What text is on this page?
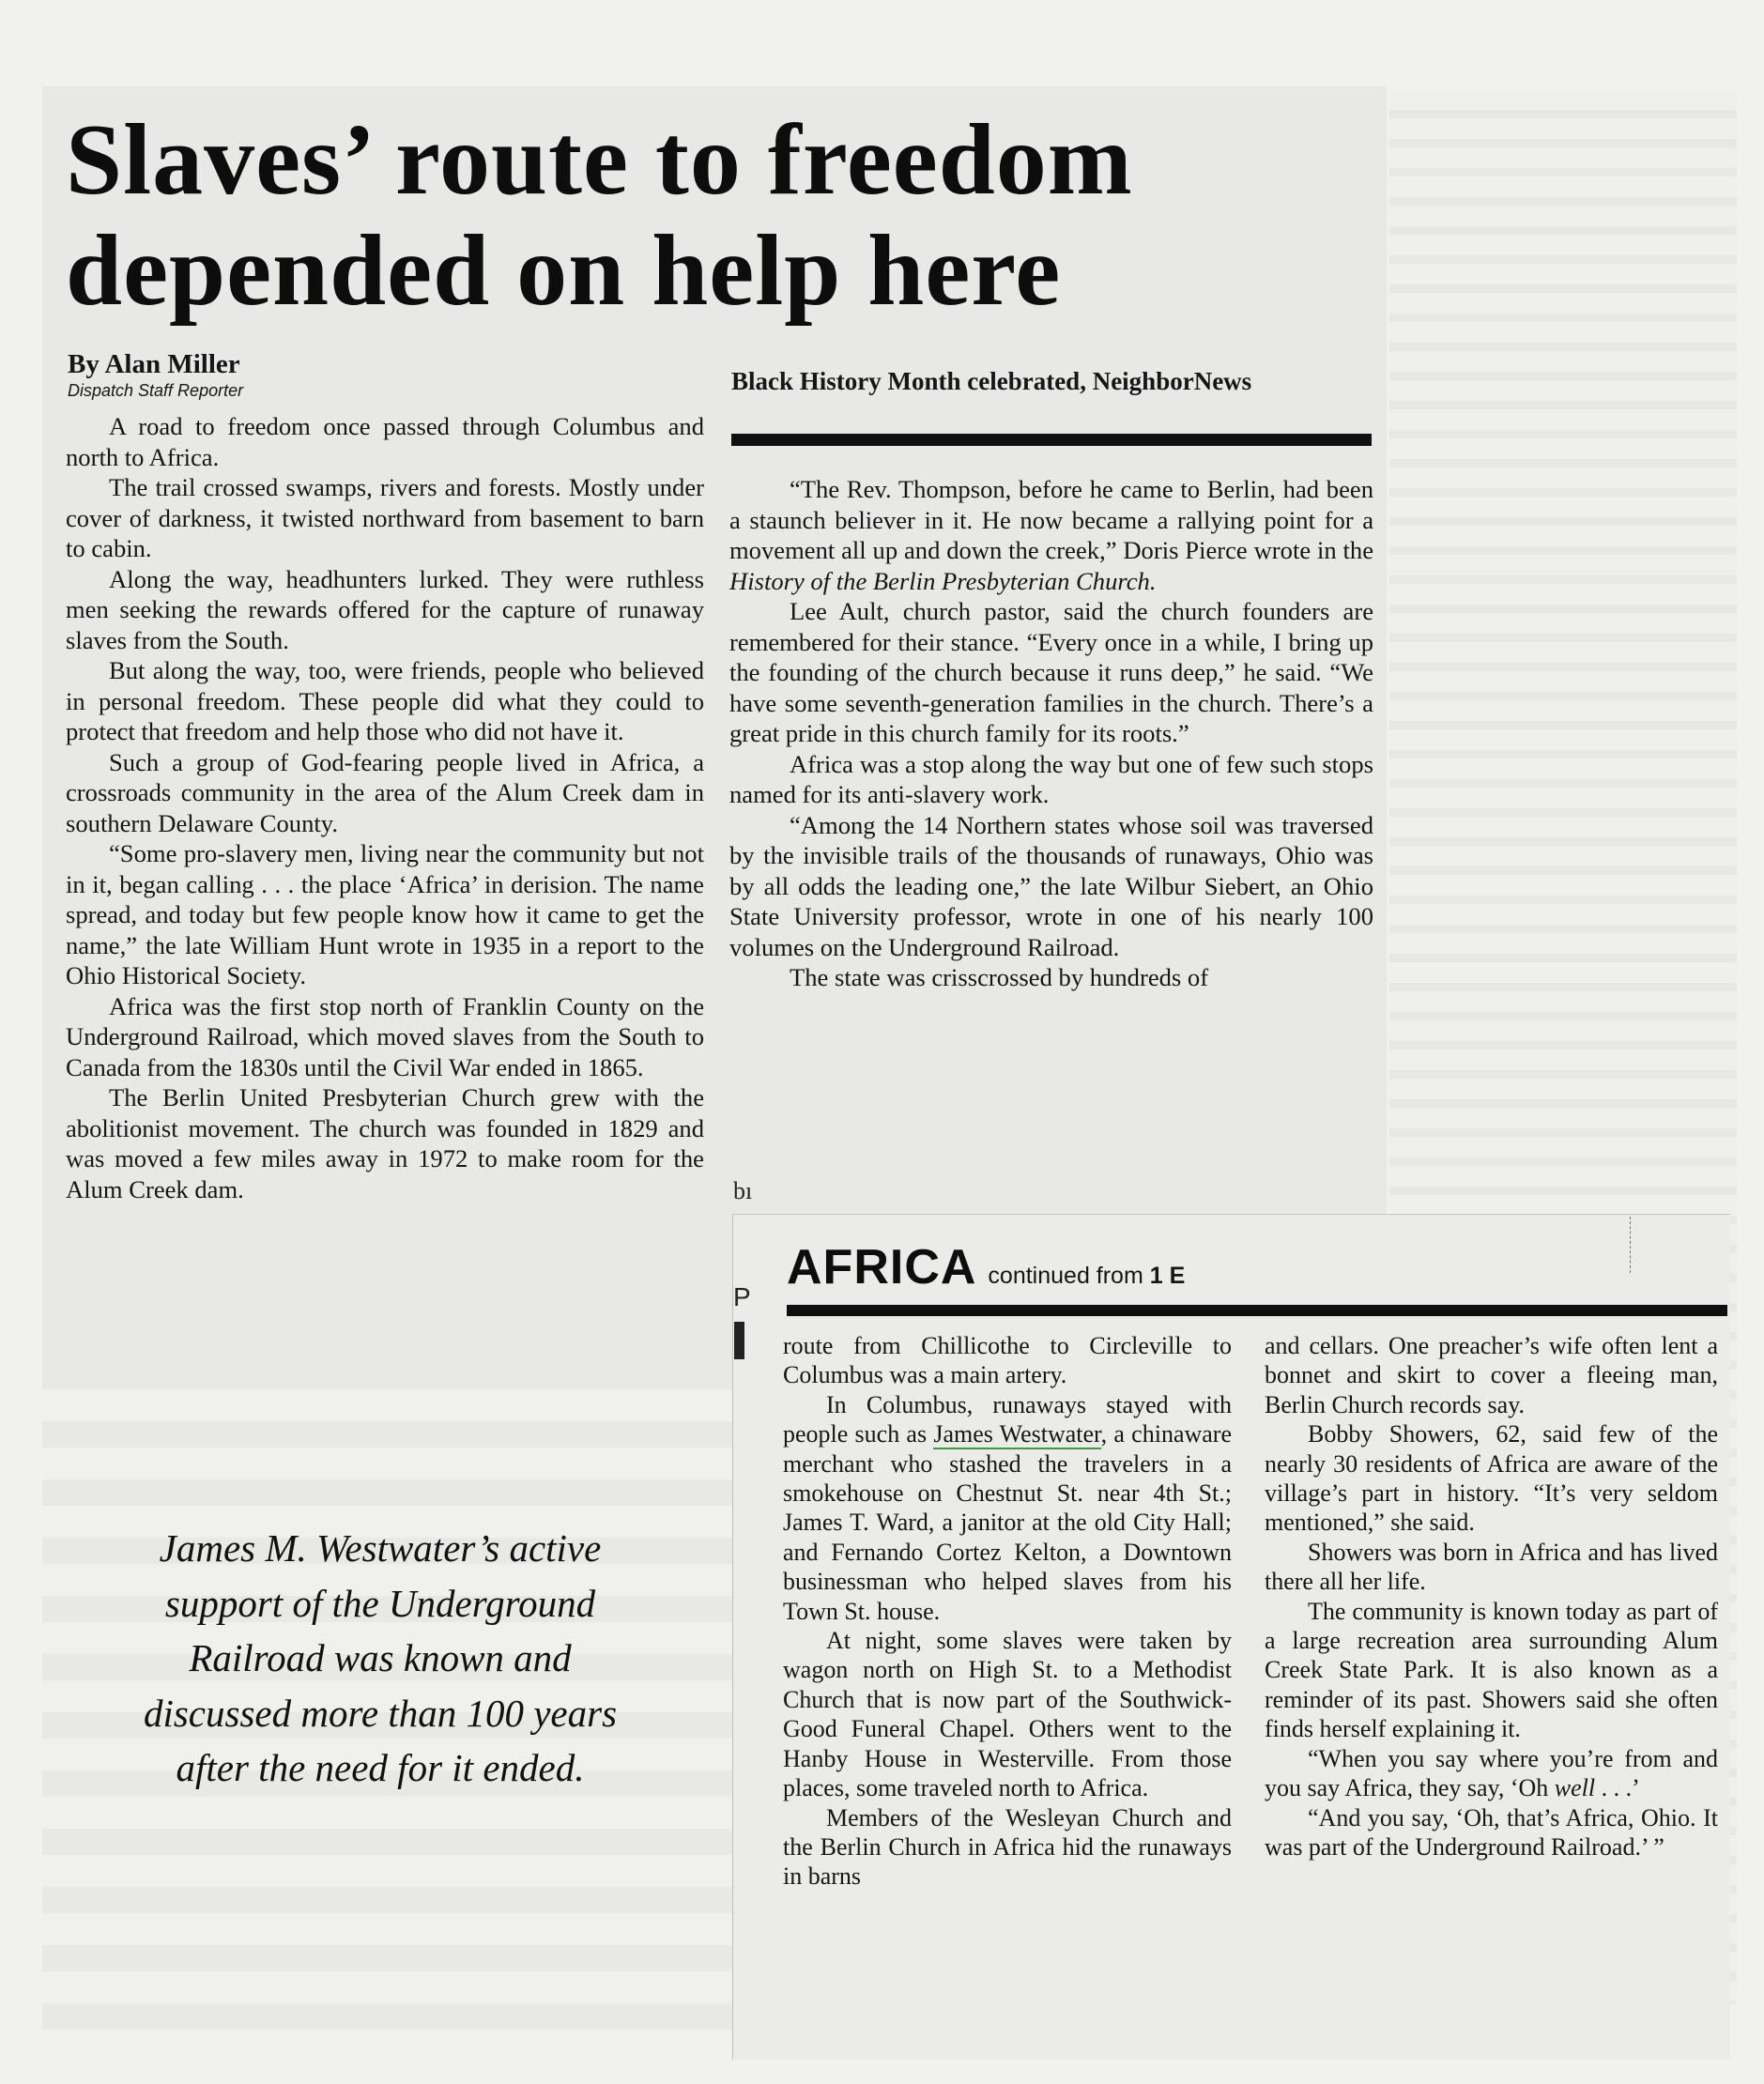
Slaves’ route to freedom depended on help here
By Alan Miller
Dispatch Staff Reporter

A road to freedom once passed through Columbus and north to Africa.

The trail crossed swamps, rivers and forests. Mostly under cover of darkness, it twisted northward from basement to barn to cabin.

Along the way, headhunters lurked. They were ruthless men seeking the rewards offered for the capture of runaway slaves from the South.

But along the way, too, were friends, people who believed in personal freedom. These people did what they could to protect that freedom and help those who did not have it.

Such a group of God-fearing people lived in Africa, a crossroads community in the area of the Alum Creek dam in southern Delaware County.

“Some pro-slavery men, living near the community but not in it, began calling . . . the place ‘Africa’ in derision. The name spread, and today but few people know how it came to get the name,” the late William Hunt wrote in 1935 in a report to the Ohio Historical Society.

Africa was the first stop north of Franklin County on the Underground Railroad, which moved slaves from the South to Canada from the 1830s until the Civil War ended in 1865.

The Berlin United Presbyterian Church grew with the abolitionist movement. The church was founded in 1829 and was moved a few miles away in 1972 to make room for the Alum Creek dam.

Black History Month celebrated, NeighborNews

“The Rev. Thompson, before he came to Berlin, had been a staunch believer in it. He now became a rallying point for a movement all up and down the creek,” Doris Pierce wrote in the History of the Berlin Presbyterian Church.

Lee Ault, church pastor, said the church founders are remembered for their stance. “Every once in a while, I bring up the founding of the church because it runs deep,” he said. “We have some seventh-generation families in the church. There’s a great pride in this church family for its roots.”

Africa was a stop along the way but one of few such stops named for its anti-slavery work.

“Among the 14 Northern states whose soil was traversed by the invisible trails of the thousands of runaways, Ohio was by all odds the leading one,” the late Wilbur Siebert, an Ohio State University professor, wrote in one of his nearly 100 volumes on the Underground Railroad.

The state was crisscrossed by hundreds of

bı
P
AFRICA continued from 1 E

route from Chillicothe to Circleville to Columbus was a main artery.

In Columbus, runaways stayed with people such as James Westwater, a chinaware merchant who stashed the travelers in a smokehouse on Chestnut St. near 4th St.; James T. Ward, a janitor at the old City Hall; and Fernando Cortez Kelton, a Downtown businessman who helped slaves from his Town St. house.

At night, some slaves were taken by wagon north on High St. to a Methodist Church that is now part of the Southwick-Good Funeral Chapel. Others went to the Hanby House in Westerville. From those places, some traveled north to Africa.

Members of the Wesleyan Church and the Berlin Church in Africa hid the runaways in barns

and cellars. One preacher’s wife often lent a bonnet and skirt to cover a fleeing man, Berlin Church records say.

Bobby Showers, 62, said few of the nearly 30 residents of Africa are aware of the village’s part in history. “It’s very seldom mentioned,” she said.

Showers was born in Africa and has lived there all her life.

The community is known today as part of a large recreation area surrounding Alum Creek State Park. It is also known as a reminder of its past. Showers said she often finds herself explaining it.

“When you say where you’re from and you say Africa, they say, ‘Oh well . . .’

“And you say, ‘Oh, that’s Africa, Ohio. It was part of the Underground Railroad.’ ”

James M. Westwater’s active

support of the Underground

Railroad was known and

discussed more than 100 years

after the need for it ended.
